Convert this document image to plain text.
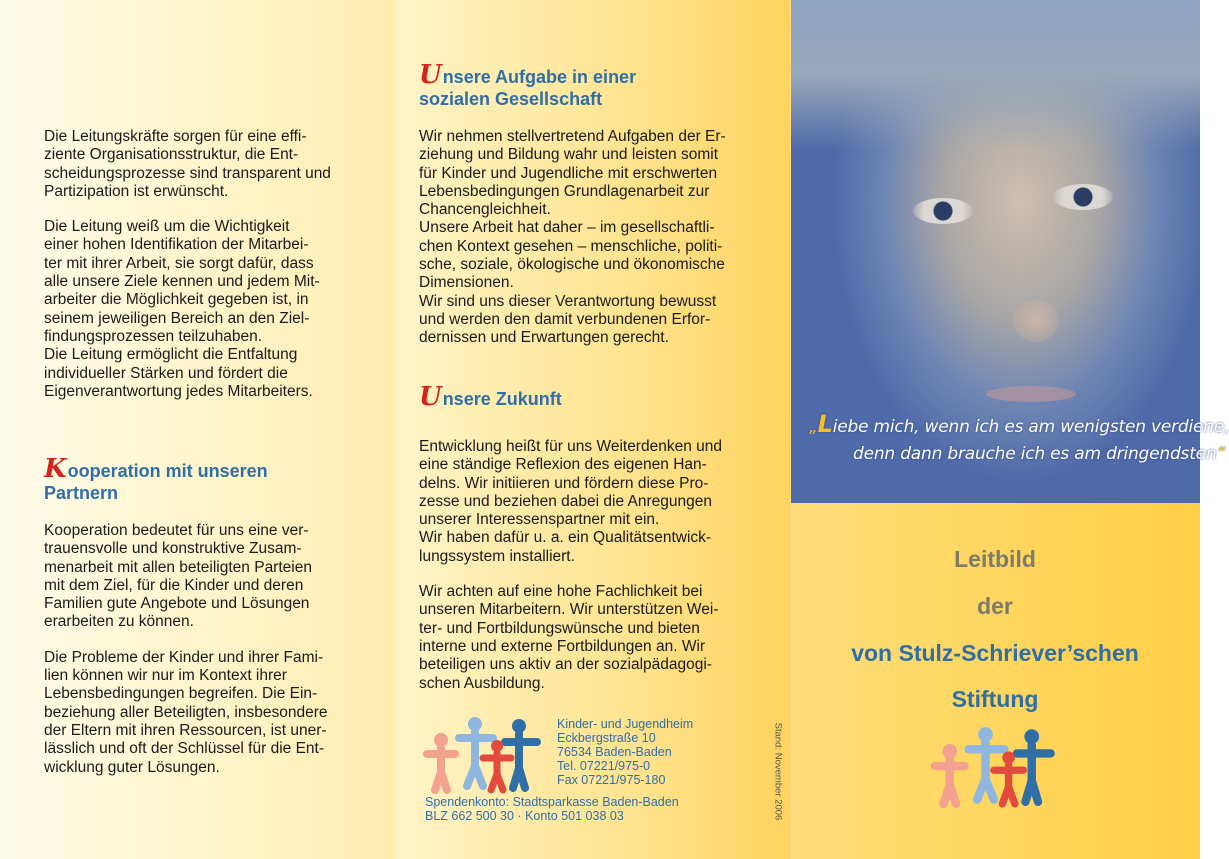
Die Leitungskräfte sorgen für eine effi-
ziente Organisationsstruktur, die Ent-
scheidungsprozesse sind transparent und
Partizipation ist erwünscht.

Die Leitung weiß um die Wichtigkeit
einer hohen Identifikation der Mitarbei-
ter mit ihrer Arbeit, sie sorgt dafür, dass
alle unsere Ziele kennen und jedem Mit-
arbeiter die Möglichkeit gegeben ist, in
seinem jeweiligen Bereich an den Ziel-
findungsprozessen teilzuhaben.
Die Leitung ermöglicht die Entfaltung
individueller Stärken und fördert die
Eigenverantwortung jedes Mitarbeiters.

Kooperation mit unseren
Partnern

Kooperation bedeutet für uns eine ver-
trauensvolle und konstruktive Zusam-
menarbeit mit allen beteiligten Parteien
mit dem Ziel, für die Kinder und deren
Familien gute Angebote und Lösungen
erarbeiten zu können.

Die Probleme der Kinder und ihrer Fami-
lien können wir nur im Kontext ihrer
Lebensbedingungen begreifen. Die Ein-
beziehung aller Beteiligten, insbesondere
der Eltern mit ihren Ressourcen, ist uner-
lässlich und oft der Schlüssel für die Ent-
wicklung guter Lösungen.

Unsere Aufgabe in einer
sozialen Gesellschaft

Wir nehmen stellvertretend Aufgaben der Er-
ziehung und Bildung wahr und leisten somit
für Kinder und Jugendliche mit erschwerten
Lebensbedingungen Grundlagenarbeit zur
Chancengleichheit.
Unsere Arbeit hat daher – im gesellschaftli-
chen Kontext gesehen – menschliche, politi-
sche, soziale, ökologische und ökonomische
Dimensionen.
Wir sind uns dieser Verantwortung bewusst
und werden den damit verbundenen Erfor-
dernissen und Erwartungen gerecht.

Unsere Zukunft

Entwicklung heißt für uns Weiterdenken und
eine ständige Reflexion des eigenen Han-
delns. Wir initiieren und fördern diese Pro-
zesse und beziehen dabei die Anregungen
unserer Interessenspartner mit ein.
Wir haben dafür u. a. ein Qualitätsentwick-
lungssystem installiert.

Wir achten auf eine hohe Fachlichkeit bei
unseren Mitarbeitern. Wir unterstützen Wei-
ter- und Fortbildungswünsche und bieten
interne und externe Fortbildungen an. Wir
beteiligen uns aktiv an der sozialpädagogi-
schen Ausbildung.

Kinder- und Jugendheim
Eckbergstraße 10
76534 Baden-Baden
Tel. 07221/975-0
Fax 07221/975-180
Spendenkonto: Stadtsparkasse Baden-Baden
BLZ 662 500 30 · Konto 501 038 03	Stand: November 2006
„Liebe mich, wenn ich es am wenigsten verdiene,
denn dann brauche ich es am dringendsten“
Leitbild
der
von Stulz-Schriever’schen
Stiftung
